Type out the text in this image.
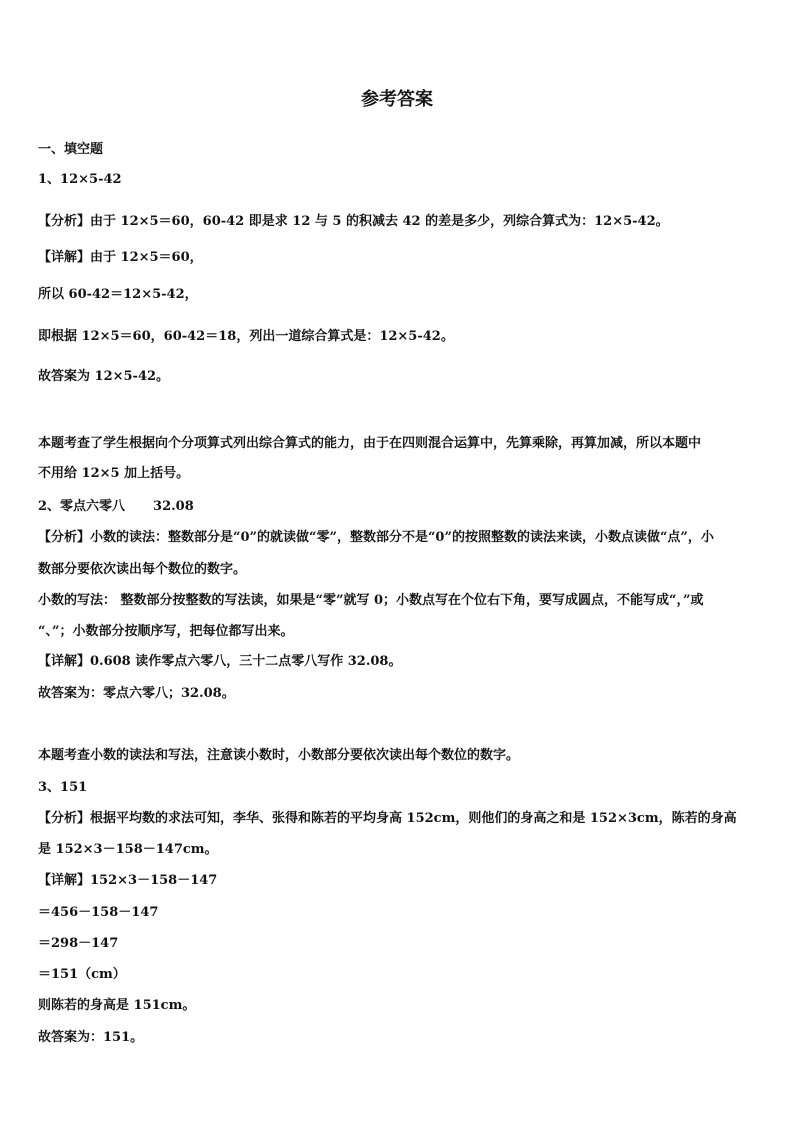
参考答案
一、填空题
1、12×5-42
【分析】由于 12×5＝60，60-42 即是求 12 与 5 的积减去 42 的差是多少，列综合算式为：12×5-42。
【详解】由于 12×5＝60，
所以 60-42＝12×5-42，
即根据 12×5＝60，60-42＝18，列出一道综合算式是：12×5-42。
故答案为 12×5-42。
本题考查了学生根据向个分项算式列出综合算式的能力，由于在四则混合运算中，先算乘除，再算加减，所以本题中
不用给 12×5 加上括号。
2、零点六零八 32.08
【分析】小数的读法：整数部分是“0”的就读做“零”，整数部分不是“0”的按照整数的读法来读，小数点读做“点”，小
数部分要依次读出每个数位的数字。
小数的写法： 整数部分按整数的写法读，如果是“零”就写 0；小数点写在个位右下角，要写成圆点，不能写成“，”或
“、”；小数部分按顺序写，把每位都写出来。
【详解】0.608 读作零点六零八，三十二点零八写作 32.08。
故答案为：零点六零八；32.08。
本题考查小数的读法和写法，注意读小数时，小数部分要依次读出每个数位的数字。
3、151
【分析】根据平均数的求法可知，李华、张得和陈若的平均身高 152cm，则他们的身高之和是 152×3cm，陈若的身高
是 152×3－158－147cm。
【详解】152×3－158－147
＝456－158－147
＝298－147
＝151（cm）
则陈若的身高是 151cm。
故答案为：151。
